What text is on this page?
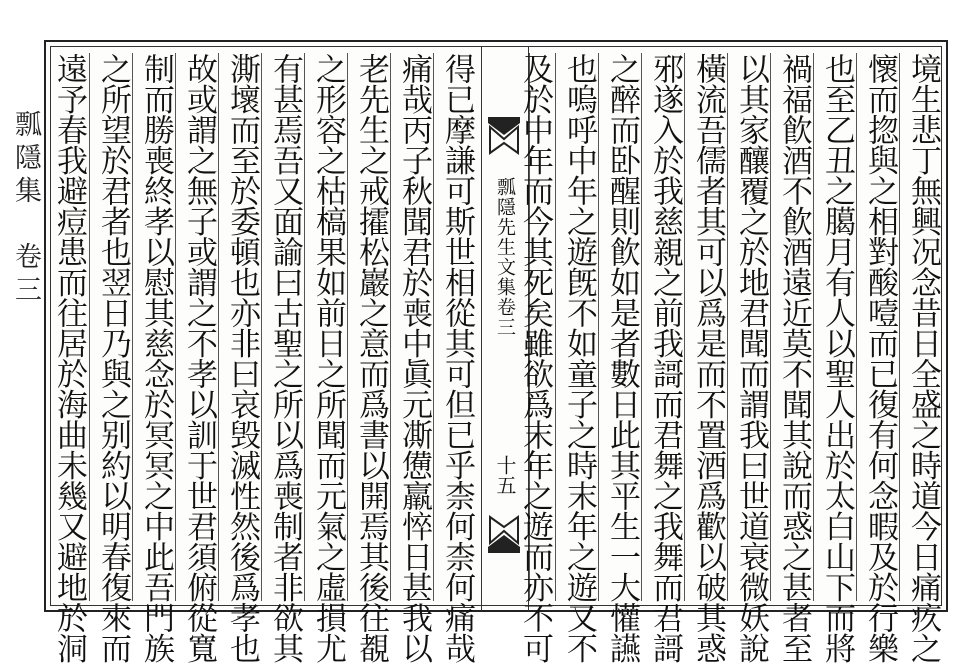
瓢隱集　卷三	得已摩謙可斯世相從其可但已乎柰何柰何痛哉
痛哉丙子秋聞君於喪中眞元凘憊羸悴日甚我以
老先生之戒攉松巖之意而爲書以開焉其後往覩
之形容之枯槁果如前日之所聞而元氣之虛損尤
有甚焉吾又面諭曰古聖之所以爲喪制者非欲其
澌壞而至於委頓也亦非曰哀毁滅性然後爲孝也
故或謂之無子或謂之不孝以訓于世君須俯從寬
制而勝喪終孝以慰其慈念於冥冥之中此吾門族
之所望於君者也翌日乃與之别約以明春復來而
遠予春我避痘患而往居於海曲未幾又避地於洞	瓢隱先生文集卷三
十五	境生悲丁無興况念昔日全盛之時道今日痛疚之
懷而㧾與之相對酸噎而已復有何念暇及於行樂
也至乙丑之臈月有人以聖人出於太白山下而將
禍福飮酒不飮酒遠近莫不聞其說而惑之甚者至
以其家釀覆之於地君聞而謂我曰世道衰微妖說
橫流吾儒者其可以爲是而不置酒爲歡以破其惑
邪遂入於我慈親之前我謌而君舞之我舞而君謌
之醉而卧醒則飮如是者數日此其平生一大懽讌
也嗚呼中年之遊旣不如童子之時末年之遊又不
及於中年而今其死矣雖欲爲末年之遊而亦不可
